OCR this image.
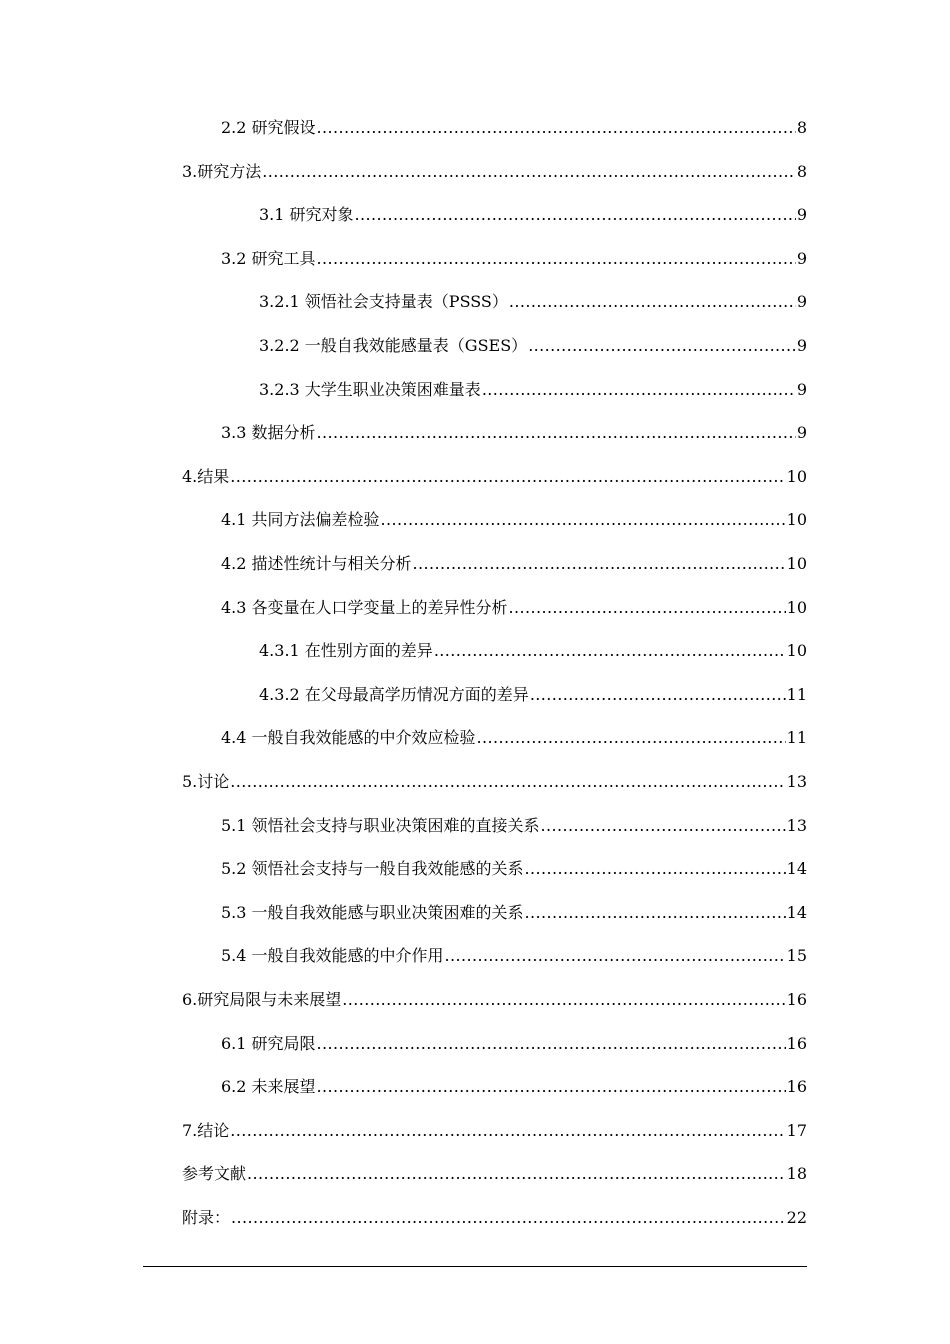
2.2 研究假设 .....	8
3.研究方法 .....	8
3.1 研究对象 .....	9
3.2 研究工具 .....	9
3.2.1 领悟社会支持量表（PSSS） .....	9
3.2.2 一般自我效能感量表（GSES） .....	9
3.2.3 大学生职业决策困难量表 .....	9
3.3 数据分析 .....	9
4.结果 .....	10
4.1 共同方法偏差检验 .....	10
4.2 描述性统计与相关分析 .....	10
4.3 各变量在人口学变量上的差异性分析 .....	10
4.3.1 在性别方面的差异 .....	10
4.3.2 在父母最高学历情况方面的差异 .....	11
4.4 一般自我效能感的中介效应检验 .....	11
5.讨论 .....	13
5.1 领悟社会支持与职业决策困难的直接关系 .....	13
5.2 领悟社会支持与一般自我效能感的关系 .....	14
5.3 一般自我效能感与职业决策困难的关系 .....	14
5.4 一般自我效能感的中介作用 .....	15
6.研究局限与未来展望 .....	16
6.1 研究局限 .....	16
6.2 未来展望 .....	16
7.结论 .....	17
参考文献 .....	18
附录： .....	22
